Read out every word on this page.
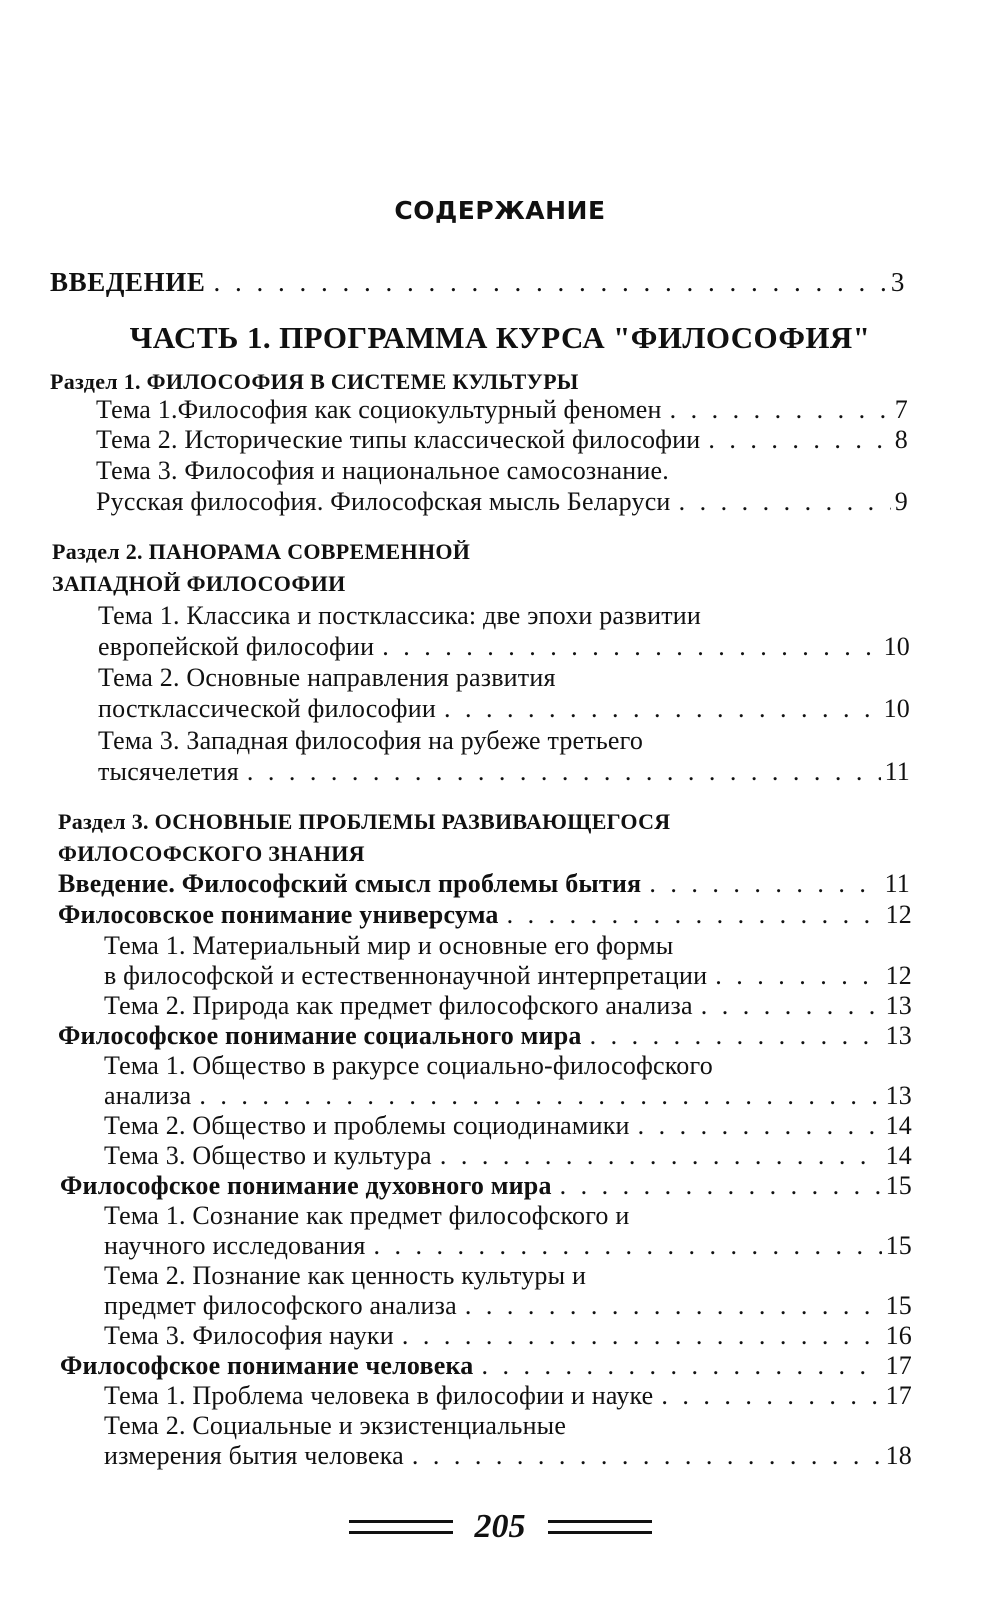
СОДЕРЖАНИЕ
ВВЕДЕНИЕ . . .	3
ЧАСТЬ 1. ПРОГРАММА КУРСА "ФИЛОСОФИЯ"
Раздел 1. ФИЛОСОФИЯ В СИСТЕМЕ КУЛЬТУРЫ
Тема 1.Философия как социокультурный феномен . . .	7
Тема 2. Исторические типы классической философии . . .	8
Тема 3. Философия и национальное самосознание.
Русская философия. Философская мысль Беларуси . . .	9
Раздел 2. ПАНОРАМА СОВРЕМЕННОЙ
ЗАПАДНОЙ ФИЛОСОФИИ
Тема 1. Классика и постклассика: две эпохи развитии
европейской философии . . .	10
Тема 2. Основные направления развития
постклассической философии . . .	10
Тема 3. Западная философия на рубеже третьего
тысячелетия . . .	11
Раздел 3. ОСНОВНЫЕ ПРОБЛЕМЫ РАЗВИВАЮЩЕГОСЯ
ФИЛОСОФСКОГО ЗНАНИЯ
Введение. Философский смысл проблемы бытия . . .	11
Филосовское понимание универсума . . .	12
Тема 1. Материальный мир и основные его формы
в философской и естественнонаучной интерпретации . . .	12
Тема 2. Природа как предмет философского анализа . . .	13
Философское понимание социального мира . . .	13
Тема 1. Общество в ракурсе социально-философского
анализа . . .	13
Тема 2. Общество и проблемы социодинамики . . .	14
Тема 3. Общество и культура . . .	14
Философское понимание духовного мира . . .	15
Тема 1. Сознание как предмет философского и
научного исследования . . .	15
Тема 2. Познание как ценность культуры и
предмет философского анализа . . .	15
Тема 3. Философия науки . . .	16
Философское понимание человека . . .	17
Тема 1. Проблема человека в философии и науке . . .	17
Тема 2. Социальные и экзистенциальные
измерения бытия человека . . .	18
205
